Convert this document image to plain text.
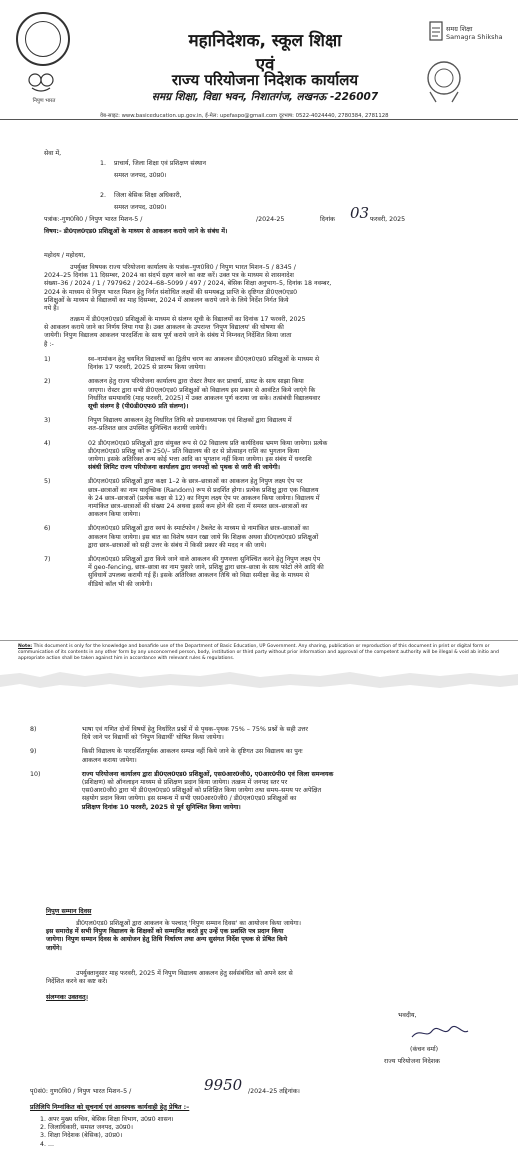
निपुण भारत
महानिदेशक, स्कूल शिक्षा
एवं
राज्य परियोजना निदेशक कार्यालय
समग्र शिक्षा, विद्या भवन, निशातगंज, लखनऊ -226007
समग्र शिक्षा
Samagra Shiksha
वेब-साइट: www.basiceducation.up.gov.in, ई-मेल: upefaspo@gmail.com दूरभाष: 0522-4024440, 2780384, 2781128
सेवा में,
1. प्राचार्य, जिला शिक्षा एवं प्रशिक्षण संस्थान
समस्त जनपद, उ0प्र0।
2. जिला बेसिक शिक्षा अधिकारी,
समस्त जनपद, उ0प्र0।
पत्रांक:-गुण0वि0 / निपुण भारत मिशन-5 /	/2024-25	दिनांक 03 फरवरी, 2025
विषय:- डी0एल0एड0 प्रशिक्षुओं के माध्यम से आकलन कराये जाने के संबंध में।
महोदय / महोदया,
उपर्युक्त विषयक राज्य परियोजना कार्यालय के पत्रांक–गुण0वि0 / निपुण भारत मिशन–5 / 8345 /
2024–25 दिनांक 11 दिसम्बर, 2024 का संदर्भ ग्रहण करने का कष्ट करें। उक्त पत्र के माध्यम से शासनादेश
संख्या–36 / 2024 / 1 / 797962 / 2024–68–5099 / 497 / 2024, बेसिक शिक्षा अनुभाग–5, दिनांक 18 नवम्बर,
2024 के माध्यम से निपुण भारत मिशन हेतु निर्गत संशोधित लक्ष्यों की समयबद्ध प्राप्ति के दृष्टिगत डी0एल0एड0
प्रशिक्षुओं के माध्यम से विद्यालयों का माह दिसम्बर, 2024 में आकलन कराये जाने के लिये निर्देश निर्गत किये
गये हैं।
तत्क्रम में डी0एल0एड0 प्रशिक्षुओं के माध्यम से संलग्न सूची के विद्यालयों का दिनांक 17 फरवरी, 2025
से आकलन कराये जाने का निर्णय लिया गया है। उक्त आकलन के उपरान्त 'निपुण विद्यालय' की घोषणा की
जायेगी। निपुण विद्यालय आकलन पारदर्शिता के साथ पूर्ण कराये जाने के संबंध में निम्नवत् निर्देशित किया जाता
है :-
1)	स्व–नामांकन हेतु चयनित विद्यालयों का द्वितीय चरण का आकलन डी0एल0एड0 प्रशिक्षुओं के माध्यम से
दिनांक 17 फरवरी, 2025 से प्रारम्भ किया जायेगा।
2)	आकलन हेतु राज्य परियोजना कार्यालय द्वारा रोस्टर तैयार कर प्राचार्य, डायट के साथ साझा किया
जाएगा। रोस्टर द्वारा सभी डी0एल0एड0 प्रशिक्षुओं को विद्यालय इस प्रकार से आवंटित किये जाएंगे कि
निर्धारित समयावधि (माह फरवरी, 2025) में उक्त आकलन पूर्ण कराया जा सके। तत्संबंधी विद्यालयवार
सूची संलग्न है (पी0डी0एफ0 प्रति संलग्न)।
3)	निपुण विद्यालय आकलन हेतु निर्धारित तिथि को प्रधानाध्यापक एवं शिक्षकों द्वारा विद्यालय में
शत–प्रतिशत छात्र उपस्थित सुनिश्चित करायी जायेगी।
4)	02 डी0एल0एड0 प्रशिक्षुओं द्वारा संयुक्त रूप से 02 विद्यालय प्रति कार्यदिवस भ्रमण किया जायेगा। प्रत्येक
डी0एल0एड0 प्रशिक्षु को रू 250/– प्रति विद्यालय की दर से प्रोत्साहन राशि का भुगतान किया
जायेगा। इसके अतिरिक्त अन्य कोई भत्ता आदि का भुगतान नहीं किया जायेगा। इस संबंध में धनराशि
संबंधी लिमिट राज्य परियोजना कार्यालय द्वारा जनपदों को पृथक से जारी की जायेगी।
5)	डी0एल0एड0 प्रशिक्षुओं द्वारा कक्षा 1–2 के छात्र–छात्राओं का आकलन हेतु निपुण लक्ष्य ऐप पर
छात्र–छात्राओं का नाम यादृच्छिक (Random) रूप से प्रदर्शित होगा। प्रत्येक प्रशिक्षु द्वारा एक विद्यालय
के 24 छात्र–छात्राओं (प्रत्येक कक्षा से 12) का निपुण लक्ष्य ऐप पर आकलन किया जायेगा। विद्यालय में
नामांकित छात्र–छात्राओं की संख्या 24 अथवा इससे कम होने की दशा में समस्त छात्र–छात्राओं का
आकलन किया जायेगा।
6)	डी0एल0एड0 प्रशिक्षुओं द्वारा स्वयं के स्मार्टफोन / टैबलेट के माध्यम से नामांकित छात्र–छात्राओं का
आकलन किया जायेगा। इस बात का विशेष ध्यान रखा जाये कि शिक्षक अथवा डी0एल0एड0 प्रशिक्षुओं
द्वारा छात्र–छात्राओं को सही उत्तर के संबंध में किसी प्रकार की मदद न की जाये।
7)	डी0एल0एड0 प्रशिक्षुओं द्वारा किये जाने वाले आकलन की गुणवत्ता सुनिश्चित करने हेतु निपुण लक्ष्य ऐप
में geo-fencing, छात्र–छात्रा का नाम पुकारे जाने, प्रशिक्षु द्वारा छात्र–छात्रा के साथ फोटो लेने आदि की
सुविधायें उपलब्ध करायी गई हैं। इसके अतिरिक्त आकलन तिथि को विद्या समीक्षा केंद्र के माध्यम से
वीडियो कॉल भी की जायेगी।
Note: This document is only for the knowledge and bonafide use of the Department of Basic Education, UP Government. Any sharing, publication or reproduction of this document in print or digital form or communication of its contents in any other form by any unconcerned person, body, institution or third party without prior information and approval of the competent authority will be illegal & void ab initio and appropriate action shall be taken against him in accordance with relevant rules & regulations.
8)	भाषा एवं गणित दोनों विषयों हेतु निर्धारित प्रश्नों में से पृथक–पृथक 75% – 75% प्रश्नों के सही उत्तर
दिये जाने पर विद्यार्थी को 'निपुण विद्यार्थी' घोषित किया जायेगा।
9)	किसी विद्यालय के पारदर्शितापूर्वक आकलन सम्पन्न नहीं किये जाने के दृष्टिगत उस विद्यालय का पुनः
आकलन कराया जायेगा।
10)	राज्य परियोजना कार्यालय द्वारा डी0एल0एड0 प्रशिक्षुओं, एस0आर0जी0, ए0आर0पी0 एवं जिला समन्वयक
(प्रशिक्षण) को ऑनलाइन माध्यम से प्रशिक्षण प्रदान किया जायेगा। तत्क्रम में जनपद स्तर पर
एस0आर0जी0 द्वारा भी डी0एल0एड0 प्रशिक्षुओं को प्रशिक्षित किया जायेगा तथा समय–समय पर अपेक्षित
सहयोग प्रदान किया जायेगा। इस सम्बन्ध में सभी एस0आर0जी0 / डी0एल0एड0 प्रशिक्षुओं का
प्रशिक्षण दिनांक 10 फरवरी, 2025 से पूर्व सुनिश्चित किया जायेगा।
निपुण सम्मान दिवस
डी0एल0एड0 प्रशिक्षुओं द्वारा आकलन के पश्चात् 'निपुण सम्मान दिवस' का आयोजन किया जायेगा।
इस समारोह में सभी निपुण विद्यालय के शिक्षकों को सम्मानित करते हुए उन्हें एक प्रशस्ति पत्र प्रदान किया
जायेगा। निपुण सम्मान दिवस के आयोजन हेतु तिथि निर्धारण तथा अन्य सुसंगत निर्देश पृथक से प्रेषित किये
जायेंगे।
उपर्युक्तानुसार माह फरवरी, 2025 में निपुण विद्यालय आकलन हेतु सर्वसंबंधित को अपने स्तर से
निर्देशित करने का कष्ट करें।
संलग्नकः उक्तवत्।
भवदीय,
(कंचन वर्मा)
राज्य परियोजना निदेशक
पृ0सं0: गुण0वि0 / निपुण भारत मिशन–5 /	9950 /2024–25 तद्दिनांक।
प्रतिलिपि निम्नांकित को सूचनार्थ एवं आवश्यक कार्यवाही हेतु प्रेषित :–
1. अपर मुख्य सचिव, बेसिक शिक्षा विभाग, उ0प्र0 शासन।
2. जिलाधिकारी, समस्त जनपद, उ0प्र0।
3. शिक्षा निदेशक (बेसिक), उ0प्र0।
4. ...
